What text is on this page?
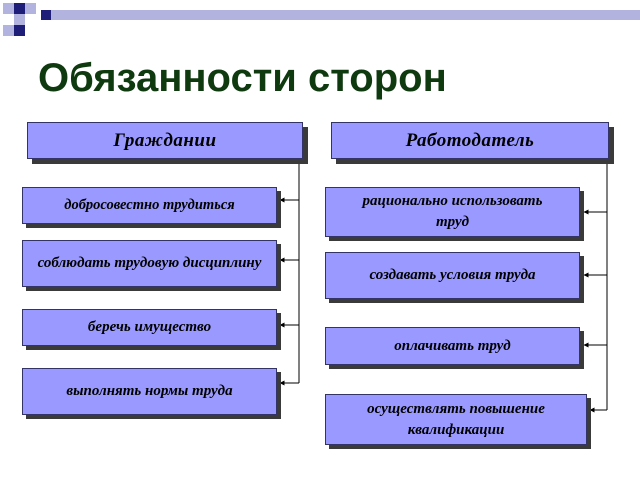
Обязанности сторон
Граждании	Работодатель
добросовестно трудиться
соблюдать трудовую дисциплину
беречь имущество
выполнять нормы труда
рационально использовать труд
создавать условия труда
оплачивать труд
осуществлять повышение квалификации
